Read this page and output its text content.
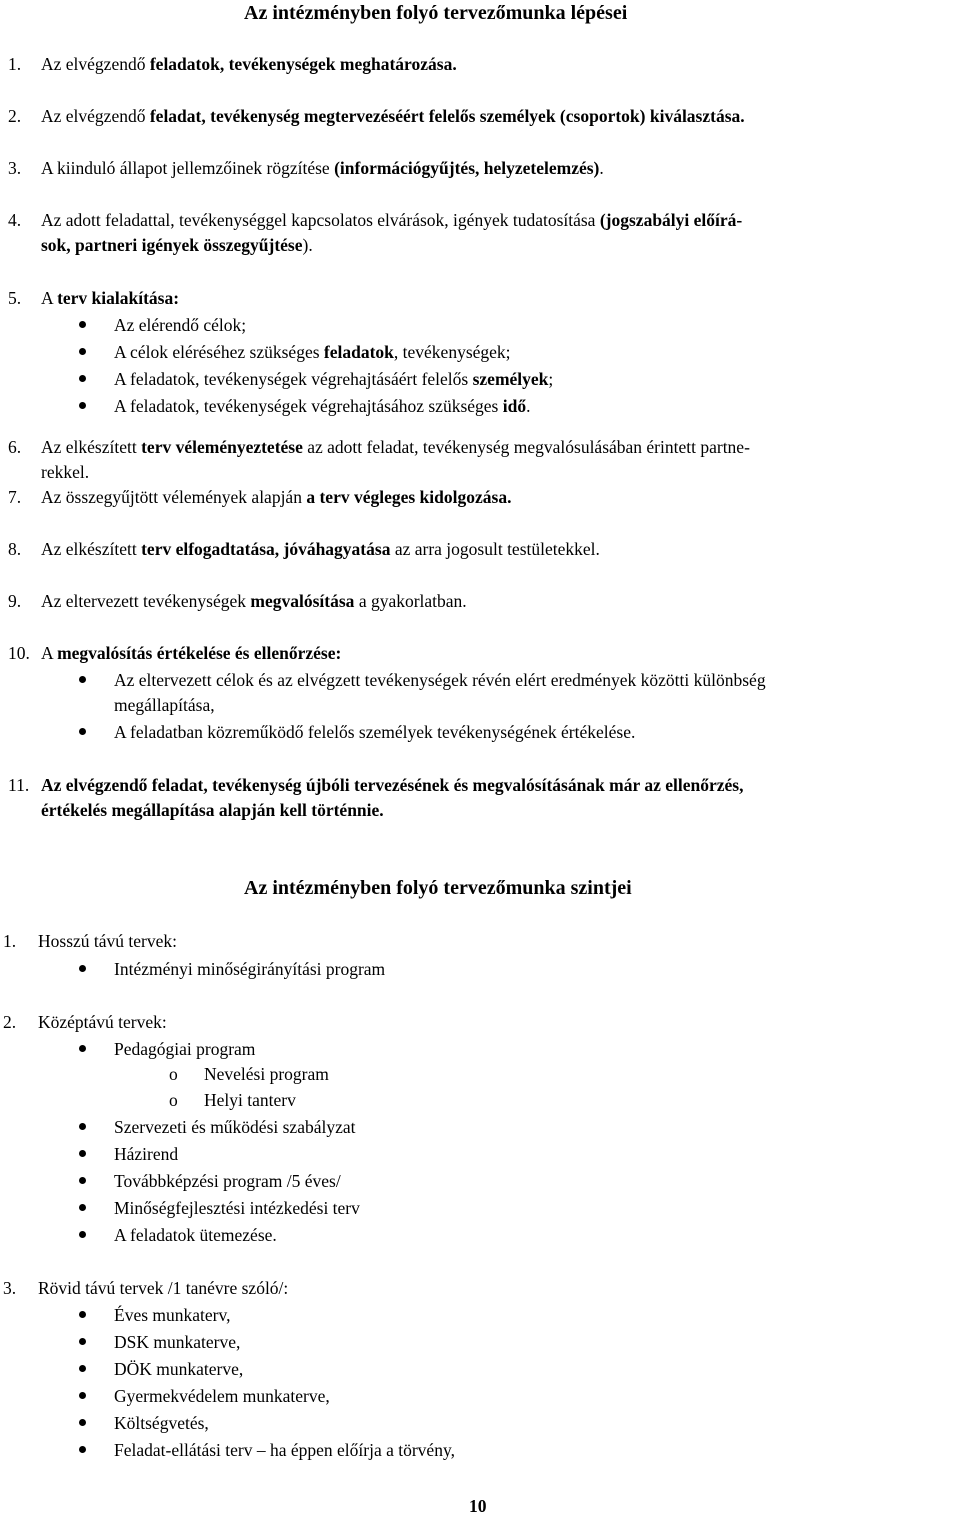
Az intézményben folyó tervezőmunka lépései
1. Az elvégzendő feladatok, tevékenységek meghatározása.
2. Az elvégzendő feladat, tevékenység megtervezéséért felelős személyek (csoportok) kiválasztása.
3. A kiinduló állapot jellemzőinek rögzítése (információgyűjtés, helyzetelemzés).
4. Az adott feladattal, tevékenységgel kapcsolatos elvárások, igények tudatosítása (jogszabályi előírá-
sok, partneri igények összegyűjtése).
5. A terv kialakítása:
Az elérendő célok;
A célok eléréséhez szükséges feladatok, tevékenységek;
A feladatok, tevékenységek végrehajtásáért felelős személyek;
A feladatok, tevékenységek végrehajtásához szükséges idő.
6. Az elkészített terv véleményeztetése az adott feladat, tevékenység megvalósulásában érintett partne-
rekkel.
7. Az összegyűjtött vélemények alapján a terv végleges kidolgozása.
8. Az elkészített terv elfogadtatása, jóváhagyatása az arra jogosult testületekkel.
9. Az eltervezett tevékenységek megvalósítása a gyakorlatban.
10. A megvalósítás értékelése és ellenőrzése:
Az eltervezett célok és az elvégzett tevékenységek révén elért eredmények közötti különbség
megállapítása,
A feladatban közreműködő felelős személyek tevékenységének értékelése.
11. Az elvégzendő feladat, tevékenység újbóli tervezésének és megvalósításának már az ellenőrzés,
értékelés megállapítása alapján kell történnie.
Az intézményben folyó tervezőmunka szintjei
1. Hosszú távú tervek:
Intézményi minőségirányítási program
2. Középtávú tervek:
Pedagógiai program
o Nevelési program
o Helyi tanterv
Szervezeti és működési szabályzat
Házirend
Továbbképzési program /5 éves/
Minőségfejlesztési intézkedési terv
A feladatok ütemezése.
3. Rövid távú tervek /1 tanévre szóló/:
Éves munkaterv,
DSK munkaterve,
DÖK munkaterve,
Gyermekvédelem munkaterve,
Költségvetés,
Feladat-ellátási terv – ha éppen előírja a törvény,
10
